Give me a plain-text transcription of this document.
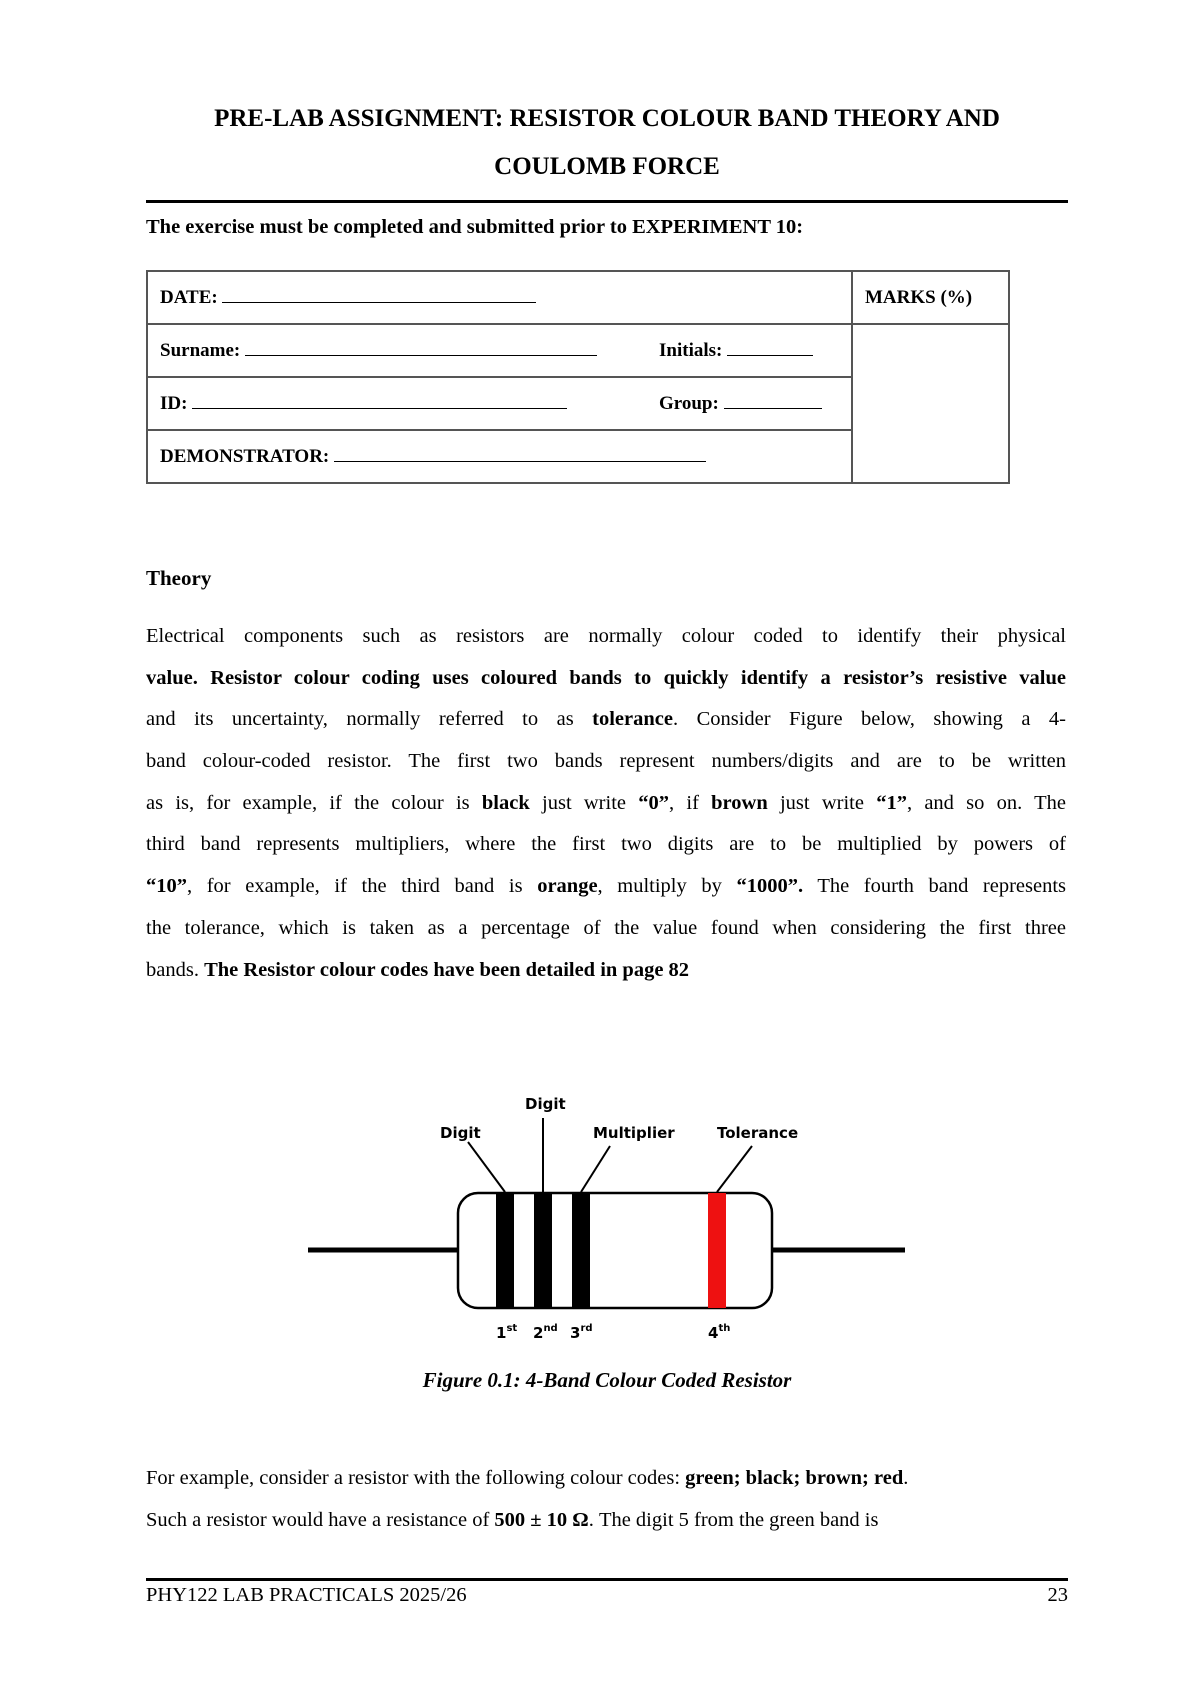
PRE-LAB ASSIGNMENT: RESISTOR COLOUR BAND THEORY AND
COULOMB FORCE
The exercise must be completed and submitted prior to EXPERIMENT 10:
DATE:	MARKS (%)

Surname: Initials:	

ID: Group:	

DEMONSTRATOR:	
Theory
Electrical components such as resistors are normally colour coded to identify their physical
value. Resistor colour coding uses coloured bands to quickly identify a resistor’s resistive value
and its uncertainty, normally referred to as tolerance. Consider Figure below, showing a 4-
band colour-coded resistor. The first two bands represent numbers/digits and are to be written
as is, for example, if the colour is black just write “0”, if brown just write “1”, and so on. The
third band represents multipliers, where the first two digits are to be multiplied by powers of
“10”, for example, if the third band is orange, multiply by “1000”. The fourth band represents
the tolerance, which is taken as a percentage of the value found when considering the first three
bands. The Resistor colour codes have been detailed in page 82
Digit
Digit
Multiplier	Tolerance
1st 2nd 3rd	4th
Figure 0.1: 4-Band Colour Coded Resistor
For example, consider a resistor with the following colour codes: green; black; brown; red.
Such a resistor would have a resistance of 500 ± 10 Ω. The digit 5 from the green band is
PHY122 LAB PRACTICALS 2025/26	23
